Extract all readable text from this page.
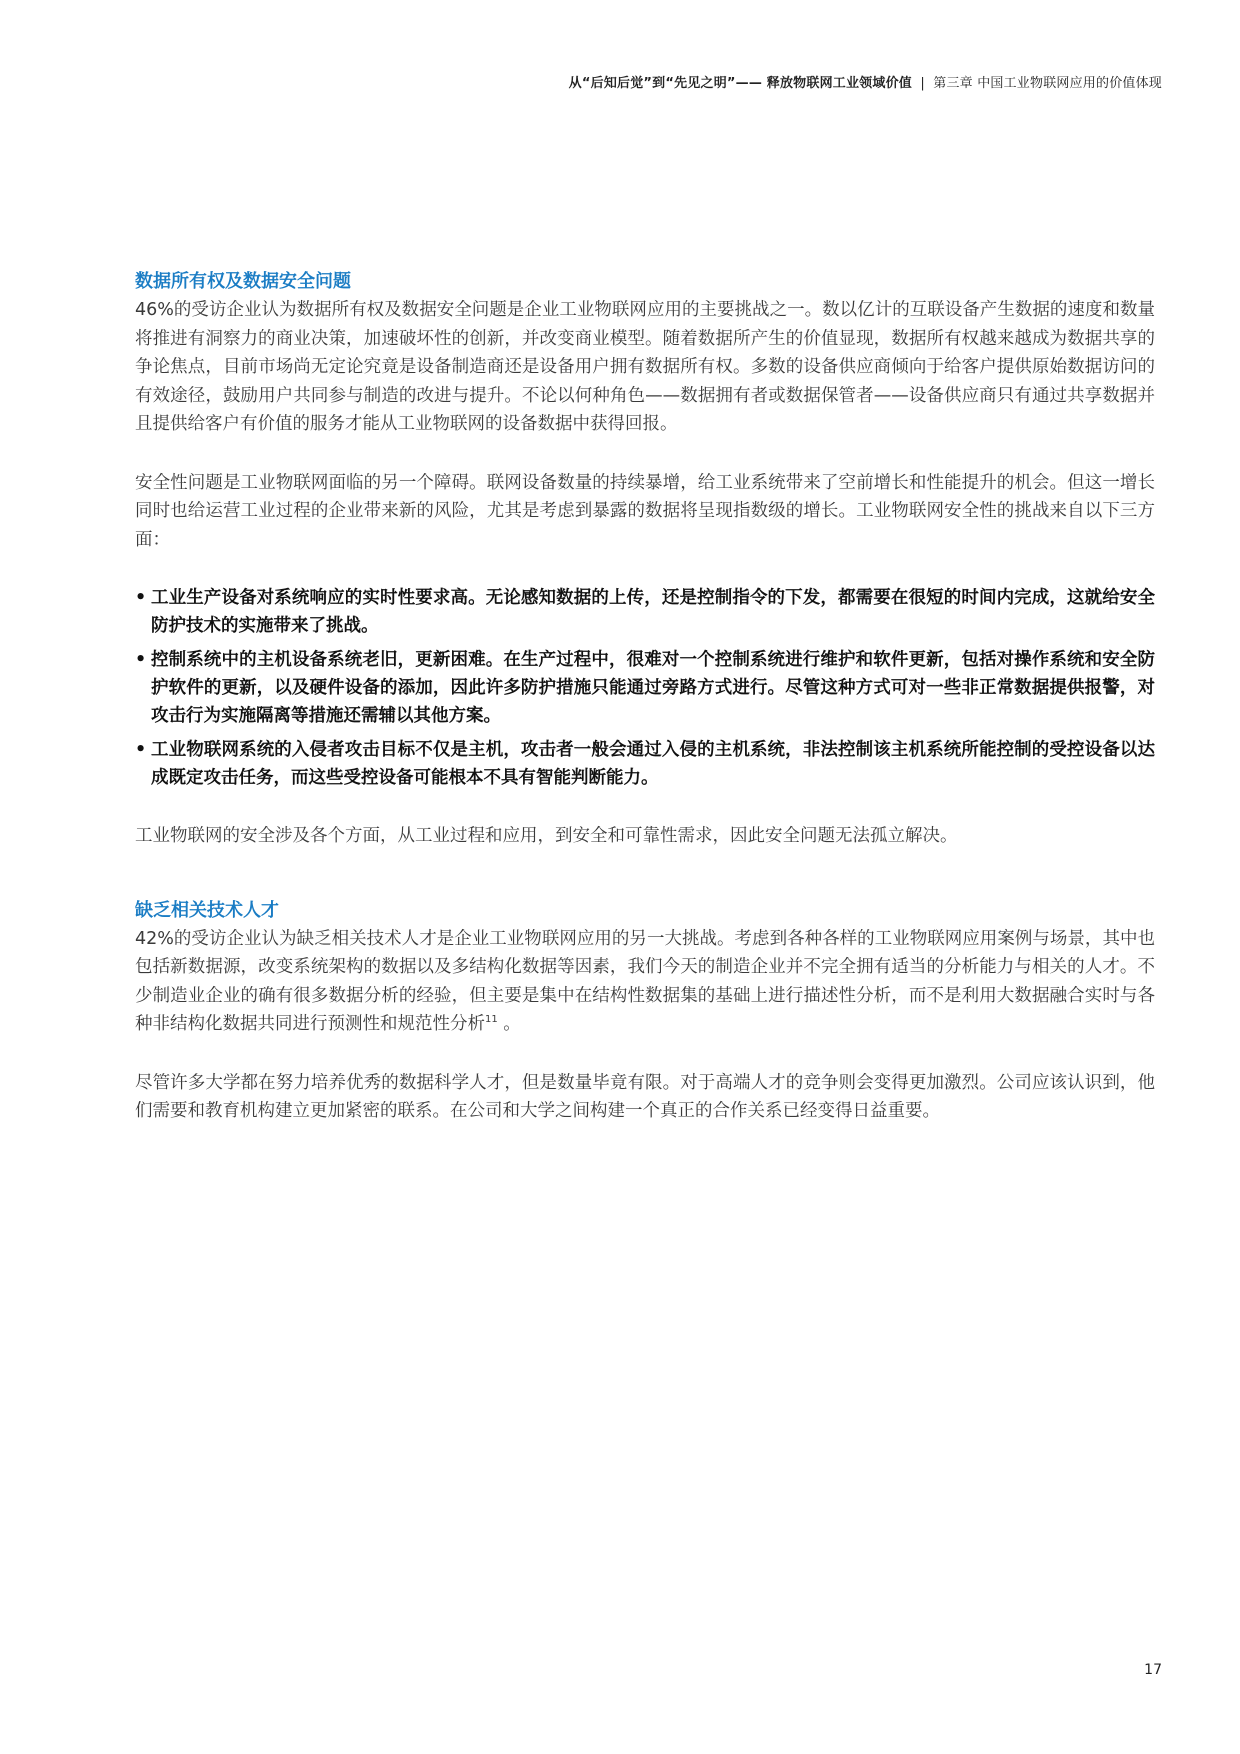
从“后知后觉”到“先见之明”—— 释放物联网工业领域价值 | 第三章 中国工业物联网应用的价值体现
数据所有权及数据安全问题

46%的受访企业认为数据所有权及数据安全问题是企业工业物联网应用的主要挑战之一。数以亿计的互联设备产生数据的速度和数量将推进有洞察力的商业决策，加速破坏性的创新，并改变商业模型。随着数据所产生的价值显现，数据所有权越来越成为数据共享的争论焦点，目前市场尚无定论究竟是设备制造商还是设备用户拥有数据所有权。多数的设备供应商倾向于给客户提供原始数据访问的有效途径，鼓励用户共同参与制造的改进与提升。不论以何种角色——数据拥有者或数据保管者——设备供应商只有通过共享数据并且提供给客户有价值的服务才能从工业物联网的设备数据中获得回报。

安全性问题是工业物联网面临的另一个障碍。联网设备数量的持续暴增，给工业系统带来了空前增长和性能提升的机会。但这一增长同时也给运营工业过程的企业带来新的风险，尤其是考虑到暴露的数据将呈现指数级的增长。工业物联网安全性的挑战来自以下三方面：

• 工业生产设备对系统响应的实时性要求高。无论感知数据的上传，还是控制指令的下发，都需要在很短的时间内完成，这就给安全防护技术的实施带来了挑战。
• 控制系统中的主机设备系统老旧，更新困难。在生产过程中，很难对一个控制系统进行维护和软件更新，包括对操作系统和安全防护软件的更新，以及硬件设备的添加，因此许多防护措施只能通过旁路方式进行。尽管这种方式可对一些非正常数据提供报警，对攻击行为实施隔离等措施还需辅以其他方案。
• 工业物联网系统的入侵者攻击目标不仅是主机，攻击者一般会通过入侵的主机系统，非法控制该主机系统所能控制的受控设备以达成既定攻击任务，而这些受控设备可能根本不具有智能判断能力。

工业物联网的安全涉及各个方面，从工业过程和应用，到安全和可靠性需求，因此安全问题无法孤立解决。

缺乏相关技术人才

42%的受访企业认为缺乏相关技术人才是企业工业物联网应用的另一大挑战。考虑到各种各样的工业物联网应用案例与场景，其中也包括新数据源，改变系统架构的数据以及多结构化数据等因素，我们今天的制造企业并不完全拥有适当的分析能力与相关的人才。不少制造业企业的确有很多数据分析的经验，但主要是集中在结构性数据集的基础上进行描述性分析，而不是利用大数据融合实时与各种非结构化数据共同进行预测性和规范性分析$^{11}$ 。

尽管许多大学都在努力培养优秀的数据科学人才，但是数量毕竟有限。对于高端人才的竞争则会变得更加激烈。公司应该认识到，他们需要和教育机构建立更加紧密的联系。在公司和大学之间构建一个真正的合作关系已经变得日益重要。

17
